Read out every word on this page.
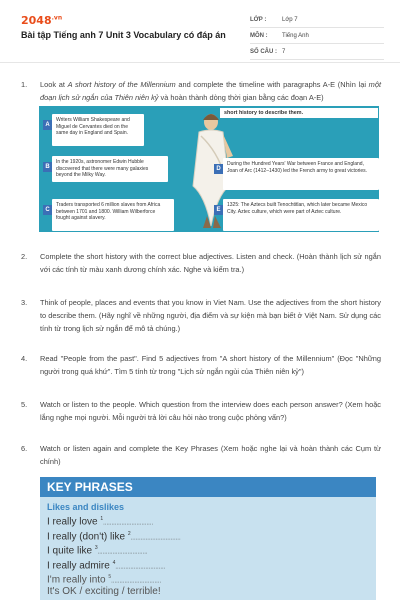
$2048^{.vn}$
Bài tập Tiếng anh 7 Unit 3 Vocabulary có đáp án
LỚP :	Lớp 7
MÔN :	Tiếng Anh
SỐ CÂU : 7
1. Look at A short history of the Millennium and complete the timeline with paragraphs A-E (Nhìn lại một đoạn lịch sử ngắn của Thiên niên kỷ và hoàn thành dòng thời gian bằng các đoạn A-E)
short history to describe them.
A
Writers William Shakespeare and Miguel de Cervantes died on the same day in England and Spain.
B
In the 1920s, astronomer Edwin Hubble discovered that there were many galaxies beyond the Milky Way.
C
Traders transported 6 million slaves from Africa between 1701 and 1800. William Wilberforce fought against slavery.
D
During the Hundred Years' War between France and England, Joan of Arc (1412–1430) led the French army to great victories.
E
1325: The Aztecs built Tenochtitlan, which later became Mexico City. Aztec culture, which were part of Aztec culture.
2. Complete the short history with the correct blue adjectives. Listen and check. (Hoàn thành lịch sử ngắn với các tính từ màu xanh dương chính xác. Nghe và kiểm tra.)
3. Think of people, places and events that you know in Viet Nam. Use the adjectives from the short history to describe them. (Hãy nghĩ về những người, địa điểm và sự kiện mà bạn biết ở Việt Nam. Sử dụng các tính từ trong lịch sử ngắn để mô tả chúng.)
4. Read "People from the past". Find 5 adjectives from "A short history of the Millennium" (Đọc "Những người trong quá khứ". Tìm 5 tính từ trong "Lịch sử ngắn ngủi của Thiên niên kỷ")
5. Watch or listen to the people. Which question from the interview does each person answer? (Xem hoặc lắng nghe mọi người. Mỗi người trả lời câu hỏi nào trong cuộc phỏng vấn?)
6. Watch or listen again and complete the Key Phrases (Xem hoặc nghe lại và hoàn thành các Cụm từ chính)
KEY PHRASES
Likes and dislikes
I really love $^1$..............................
I really (don't) like $^2$..............................
I quite like $^3$..............................
I really admire $^4$..............................
I'm really into $^5$..............................
It's OK / exciting / terrible!
